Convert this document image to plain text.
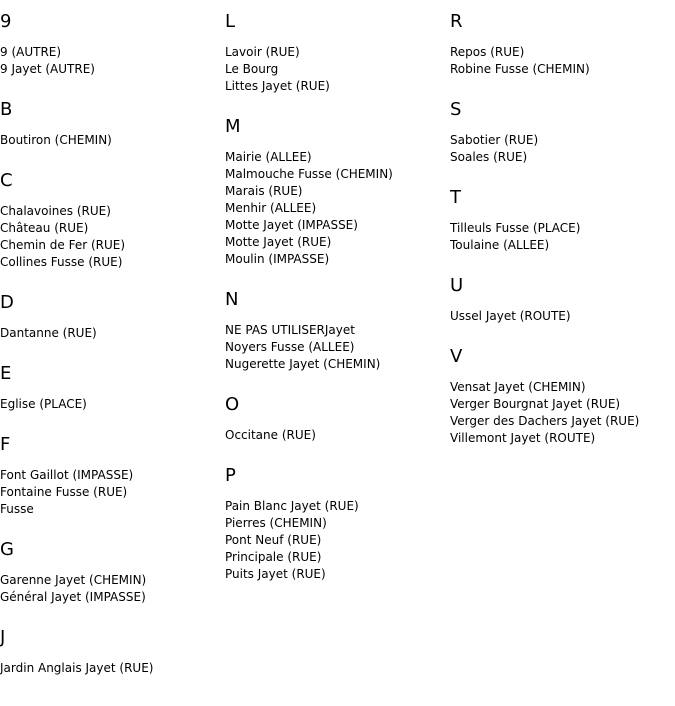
9
9 (AUTRE)
9 Jayet (AUTRE)
B
Boutiron (CHEMIN)
C
Chalavoines (RUE)
Château (RUE)
Chemin de Fer (RUE)
Collines Fusse (RUE)
D
Dantanne (RUE)
E
Eglise (PLACE)
F
Font Gaillot (IMPASSE)
Fontaine Fusse (RUE)
Fusse
G
Garenne Jayet (CHEMIN)
Général Jayet (IMPASSE)
J
Jardin Anglais Jayet (RUE)
L
Lavoir (RUE)
Le Bourg
Littes Jayet (RUE)
M
Mairie (ALLEE)
Malmouche Fusse (CHEMIN)
Marais (RUE)
Menhir (ALLEE)
Motte Jayet (IMPASSE)
Motte Jayet (RUE)
Moulin (IMPASSE)
N
NE PAS UTILISERJayet
Noyers Fusse (ALLEE)
Nugerette Jayet (CHEMIN)
O
Occitane (RUE)
P
Pain Blanc Jayet (RUE)
Pierres (CHEMIN)
Pont Neuf (RUE)
Principale (RUE)
Puits Jayet (RUE)
R
Repos (RUE)
Robine Fusse (CHEMIN)
S
Sabotier (RUE)
Soales (RUE)
T
Tilleuls Fusse (PLACE)
Toulaine (ALLEE)
U
Ussel Jayet (ROUTE)
V
Vensat Jayet (CHEMIN)
Verger Bourgnat Jayet (RUE)
Verger des Dachers Jayet (RUE)
Villemont Jayet (ROUTE)
